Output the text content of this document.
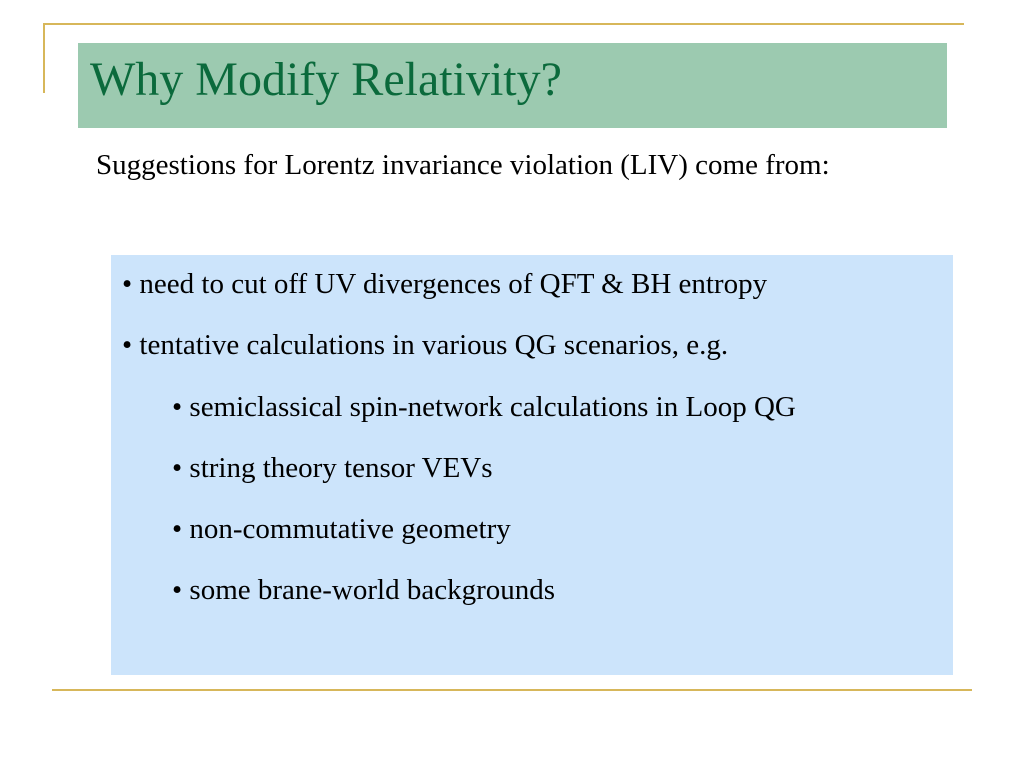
Why Modify Relativity?
Suggestions for Lorentz invariance violation (LIV) come from:
• need to cut off UV divergences of QFT & BH entropy
• tentative calculations in various QG scenarios, e.g.
• semiclassical spin-network calculations in Loop QG
• string theory tensor VEVs
• non-commutative geometry
• some brane-world backgrounds
